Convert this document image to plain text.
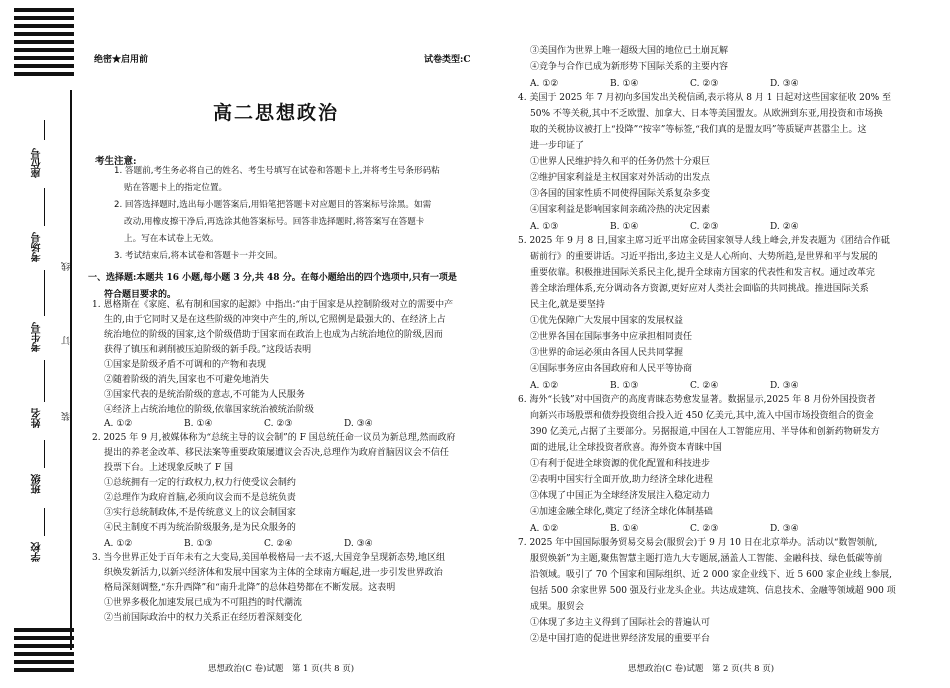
座位号
考场号
考生号
姓名
班级
学校
线
订
装
绝密★启用前	试卷类型:C
高二思想政治
考生注意:
1. 答题前,考生务必将自己的姓名、考生号填写在试卷和答题卡上,并将考生号条形码粘
贴在答题卡上的指定位置。
2. 回答选择题时,选出每小题答案后,用铅笔把答题卡对应题目的答案标号涂黑。如需
改动,用橡皮擦干净后,再选涂其他答案标号。回答非选择题时,将答案写在答题卡
上。写在本试卷上无效。
3. 考试结束后,将本试卷和答题卡一并交回。
一、选择题:本题共 16 小题,每小题 3 分,共 48 分。在每小题给出的四个选项中,只有一项是
符合题目要求的。
1. 恩格斯在《家庭、私有制和国家的起源》中指出:“由于国家是从控制阶级对立的需要中产
生的,由于它同时又是在这些阶级的冲突中产生的,所以,它照例是最强大的、在经济上占
统治地位的阶级的国家,这个阶级借助于国家而在政治上也成为占统治地位的阶级,因而
获得了镇压和剥削被压迫阶级的新手段。”这段话表明
①国家是阶级矛盾不可调和的产物和表现
②随着阶级的消失,国家也不可避免地消失
③国家代表的是统治阶级的意志,不可能为人民服务
④经济上占统治地位的阶级,依靠国家统治被统治阶级
A. ①②	B. ①④	C. ②③	D. ③④
2. 2025 年 9 月,被媒体称为“总统主导的议会制”的 F 国总统任命一议员为新总理,然而政府
提出的养老金改革、移民法案等重要政策屡遭议会否决,总理作为政府首脑因议会不信任
投票下台。上述现象反映了 F 国
①总统拥有一定的行政权力,权力行使受议会制约
②总理作为政府首脑,必须向议会而不是总统负责
③实行总统制政体,不是传统意义上的议会制国家
④民主制度不再为统治阶级服务,是为民众服务的
A. ①②	B. ①③	C. ②④	D. ③④
3. 当今世界正处于百年未有之大变局,美国单极格局一去不返,大国竞争呈现新态势,地区组
织焕发新活力,以新兴经济体和发展中国家为主体的全球南方崛起,进一步引发世界政治
格局深刻调整,“东升西降”和“南升北降”的总体趋势都在不断发展。这表明
①世界多极化加速发展已成为不可阻挡的时代潮流
②当前国际政治中的权力关系正在经历着深刻变化
③美国作为世界上唯一超级大国的地位已土崩瓦解
④竞争与合作已成为新形势下国际关系的主要内容
A. ①②	B. ①④	C. ②③	D. ③④
4. 美国于 2025 年 7 月初向多国发出关税信函,表示将从 8 月 1 日起对这些国家征收 20% 至
50% 不等关税,其中不乏欧盟、加拿大、日本等美国盟友。从欧洲到东亚,用投资和市场换
取的关税协议被打上“投降”“按宰”等标签,“我们真的是盟友吗”等质疑声甚嚣尘上。这
进一步印证了
①世界人民维护持久和平的任务仍然十分艰巨
②维护国家利益是主权国家对外活动的出发点
③各国的国家性质不同使得国际关系复杂多变
④国家利益是影响国家间亲疏冷热的决定因素
A. ①③	B. ①④	C. ②③	D. ②④
5. 2025 年 9 月 8 日,国家主席习近平出席金砖国家领导人线上峰会,并发表题为《团结合作砥
砺前行》的重要讲话。习近平指出,多边主义是人心所向、大势所趋,是世界和平与发展的
重要依靠。积极推进国际关系民主化,提升全球南方国家的代表性和发言权。通过改革完
善全球治理体系,充分调动各方资源,更好应对人类社会面临的共同挑战。推进国际关系
民主化,就是要坚持
①优先保障广大发展中国家的发展权益
②世界各国在国际事务中应承担相同责任
③世界的命运必须由各国人民共同掌握
④国际事务应由各国政府和人民平等协商
A. ①②	B. ①③	C. ②④	D. ③④
6. 海外“长钱”对中国资产的高度青睐态势愈发显著。数据显示,2025 年 8 月份外国投资者
向新兴市场股票和债券投资组合投入近 450 亿美元,其中,流入中国市场投资组合的资金
390 亿美元,占据了主要部分。另据报道,中国在人工智能应用、半导体和创新药物研发方
面的进展,让全球投资者欣喜。海外资本青睐中国
①有利于促进全球资源的优化配置和科技进步
②表明中国实行全面开放,助力经济全球化进程
③体现了中国正为全球经济发展注入稳定动力
④加速金融全球化,奠定了经济全球化体制基础
A. ①②	B. ①④	C. ②③	D. ③④
7. 2025 年中国国际服务贸易交易会(服贸会)于 9 月 10 日在北京举办。活动以“数智领航,
服贸焕新”为主题,聚焦智慧主题打造九大专题展,涵盖人工智能、金融科技、绿色低碳等前
沿领域。吸引了 70 个国家和国际组织、近 2 000 家企业线下、近 5 600 家企业线上参展,
包括 500 余家世界 500 强及行业龙头企业。共达成建筑、信息技术、金融等领域超 900 项
成果。服贸会
①体现了多边主义得到了国际社会的普遍认可
②是中国打造的促进世界经济发展的重要平台
思想政治(C 卷)试题　第 1 页(共 8 页)	思想政治(C 卷)试题　第 2 页(共 8 页)
